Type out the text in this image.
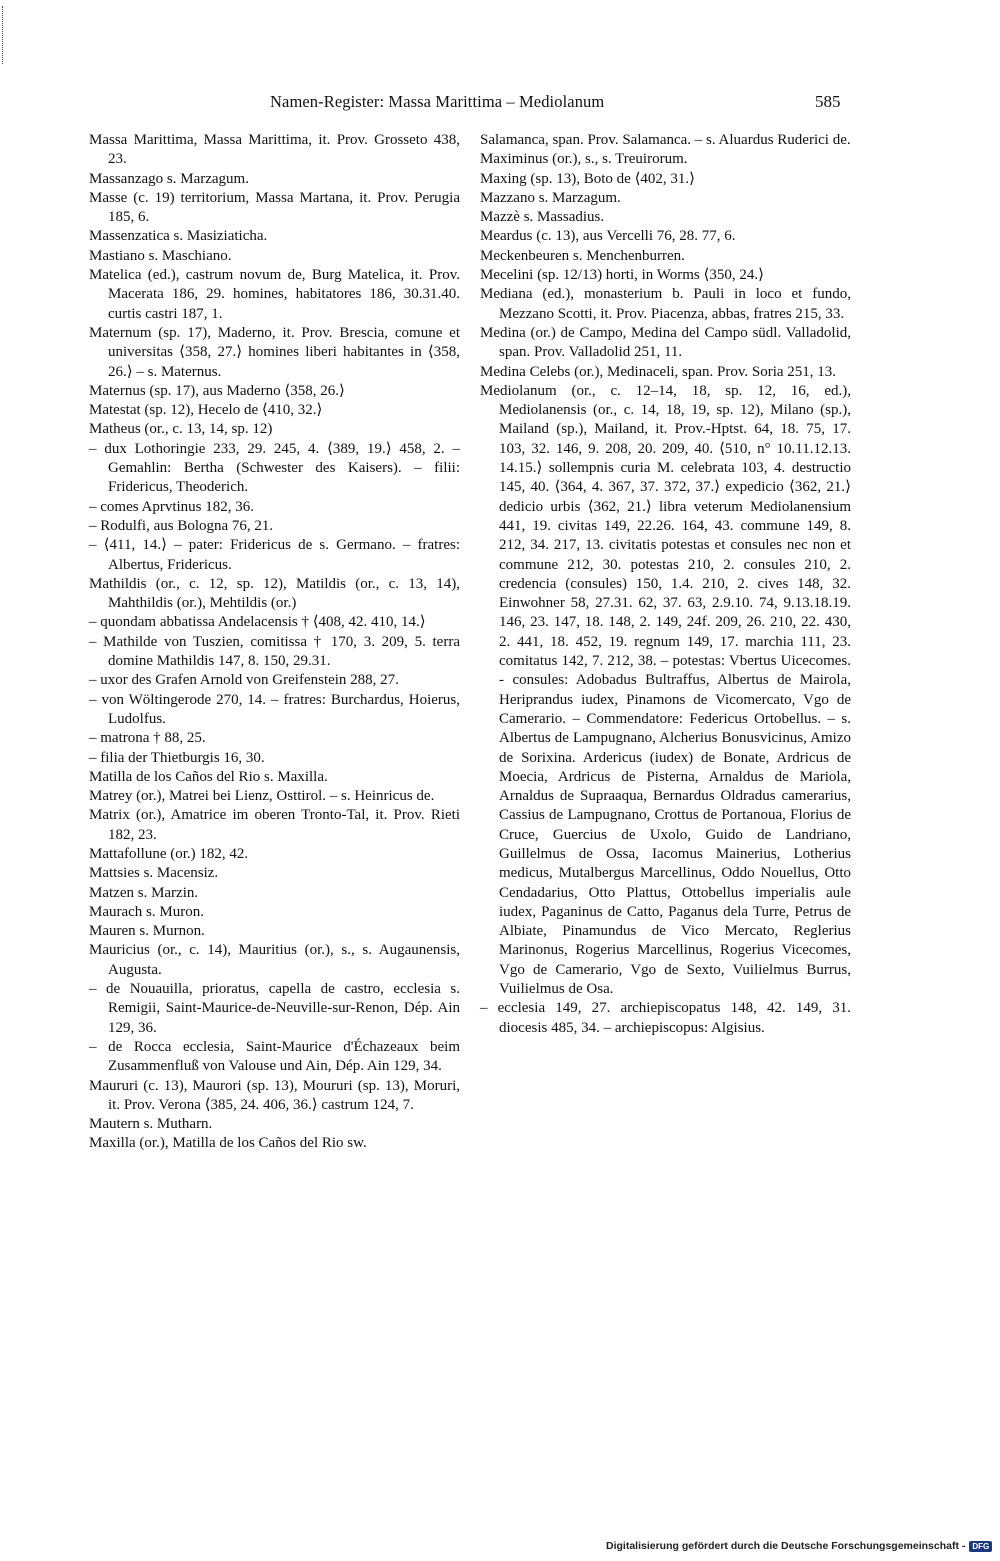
Namen-Register: Massa Marittima – Mediolanum	585

Massa Marittima, Massa Marittima, it. Prov. Grosseto 438, 23.

Massanzago s. Marzagum.

Masse (c. 19) territorium, Massa Martana, it. Prov. Perugia 185, 6.

Massenzatica s. Masiziaticha.

Mastiano s. Maschiano.

Matelica (ed.), castrum novum de, Burg Matelica, it. Prov. Macerata 186, 29. homines, habitatores 186, 30.31.40. curtis castri 187, 1.

Maternum (sp. 17), Maderno, it. Prov. Brescia, comune et universitas ⟨358, 27.⟩ homines liberi habitantes in ⟨358, 26.⟩ – s. Maternus.

Maternus (sp. 17), aus Maderno ⟨358, 26.⟩

Matestat (sp. 12), Hecelo de ⟨410, 32.⟩

Matheus (or., c. 13, 14, sp. 12)

– dux Lothoringie 233, 29. 245, 4. ⟨389, 19.⟩ 458, 2. – Gemahlin: Bertha (Schwester des Kaisers). – filii: Fridericus, Theoderich.

– comes Aprvtinus 182, 36.

– Rodulfi, aus Bologna 76, 21.

– ⟨411, 14.⟩ – pater: Fridericus de s. Germano. – fratres: Albertus, Fridericus.

Mathildis (or., c. 12, sp. 12), Matildis (or., c. 13, 14), Mahthildis (or.), Mehtildis (or.)

– quondam abbatissa Andelacensis † ⟨408, 42. 410, 14.⟩

– Mathilde von Tuszien, comitissa † 170, 3. 209, 5. terra domine Mathildis 147, 8. 150, 29.31.

– uxor des Grafen Arnold von Greifenstein 288, 27.

– von Wöltingerode 270, 14. – fratres: Burchardus, Hoierus, Ludolfus.

– matrona † 88, 25.

– filia der Thietburgis 16, 30.

Matilla de los Caños del Rio s. Maxilla.

Matrey (or.), Matrei bei Lienz, Osttirol. – s. Heinricus de.

Matrix (or.), Amatrice im oberen Tronto-Tal, it. Prov. Rieti 182, 23.

Mattafollune (or.) 182, 42.

Mattsies s. Macensiz.

Matzen s. Marzin.

Maurach s. Muron.

Mauren s. Murnon.

Mauricius (or., c. 14), Mauritius (or.), s., s. Augaunensis, Augusta.

– de Nouauilla, prioratus, capella de castro, ecclesia s. Remigii, Saint-Maurice-de-Neuville-sur-Renon, Dép. Ain 129, 36.

– de Rocca ecclesia, Saint-Maurice d'Échazeaux beim Zusammenfluß von Valouse und Ain, Dép. Ain 129, 34.

Maururi (c. 13), Maurori (sp. 13), Moururi (sp. 13), Moruri, it. Prov. Verona ⟨385, 24. 406, 36.⟩ castrum 124, 7.

Mautern s. Mutharn.

Maxilla (or.), Matilla de los Caños del Rio sw.

Salamanca, span. Prov. Salamanca. – s. Aluardus Ruderici de.

Maximinus (or.), s., s. Treuirorum.

Maxing (sp. 13), Boto de ⟨402, 31.⟩

Mazzano s. Marzagum.

Mazzè s. Massadius.

Meardus (c. 13), aus Vercelli 76, 28. 77, 6.

Meckenbeuren s. Menchenburren.

Mecelini (sp. 12/13) horti, in Worms ⟨350, 24.⟩

Mediana (ed.), monasterium b. Pauli in loco et fundo, Mezzano Scotti, it. Prov. Piacenza, abbas, fratres 215, 33.

Medina (or.) de Campo, Medina del Campo südl. Valladolid, span. Prov. Valladolid 251, 11.

Medina Celebs (or.), Medinaceli, span. Prov. Soria 251, 13.

Mediolanum (or., c. 12–14, 18, sp. 12, 16, ed.), Mediolanensis (or., c. 14, 18, 19, sp. 12), Milano (sp.), Mailand (sp.), Mailand, it. Prov.-Hptst. 64, 18. 75, 17. 103, 32. 146, 9. 208, 20. 209, 40. ⟨510, n° 10.11.12.13. 14.15.⟩ sollempnis curia M. celebrata 103, 4. destructio 145, 40. ⟨364, 4. 367, 37. 372, 37.⟩ expedicio ⟨362, 21.⟩ dedicio urbis ⟨362, 21.⟩ libra veterum Mediolanensium 441, 19. civitas 149, 22.26. 164, 43. commune 149, 8. 212, 34. 217, 13. civitatis potestas et consules nec non et commune 212, 30. potestas 210, 2. consules 210, 2. credencia (consules) 150, 1.4. 210, 2. cives 148, 32. Einwohner 58, 27.31. 62, 37. 63, 2.9.10. 74, 9.13.18.19. 146, 23. 147, 18. 148, 2. 149, 24f. 209, 26. 210, 22. 430, 2. 441, 18. 452, 19. regnum 149, 17. marchia 111, 23. comitatus 142, 7. 212, 38. – potestas: Vbertus Uicecomes. - consules: Adobadus Bultraffus, Albertus de Mairola, Heriprandus iudex, Pinamons de Vicomercato, Vgo de Camerario. – Commendatore: Federicus Ortobellus. – s. Albertus de Lampugnano, Alcherius Bonusvicinus, Amizo de Sorixina. Ardericus (iudex) de Bonate, Ardricus de Moecia, Ardricus de Pisterna, Arnaldus de Mariola, Arnaldus de Supraaqua, Bernardus Oldradus camerarius, Cassius de Lampugnano, Crottus de Portanoua, Florius de Cruce, Guercius de Uxolo, Guido de Landriano, Guillelmus de Ossa, Iacomus Mainerius, Lotherius medicus, Mutalbergus Marcellinus, Oddo Nouellus, Otto Cendadarius, Otto Plattus, Ottobellus imperialis aule iudex, Paganinus de Catto, Paganus dela Turre, Petrus de Albiate, Pinamundus de Vico Mercato, Reglerius Marinonus, Rogerius Marcellinus, Rogerius Vicecomes, Vgo de Camerario, Vgo de Sexto, Vuilielmus Burrus, Vuilielmus de Osa.

– ecclesia 149, 27. archiepiscopatus 148, 42. 149, 31. diocesis 485, 34. – archiepiscopus: Algisius.

Digitalisierung gefördert durch die Deutsche Forschungsgemeinschaft - DFG
